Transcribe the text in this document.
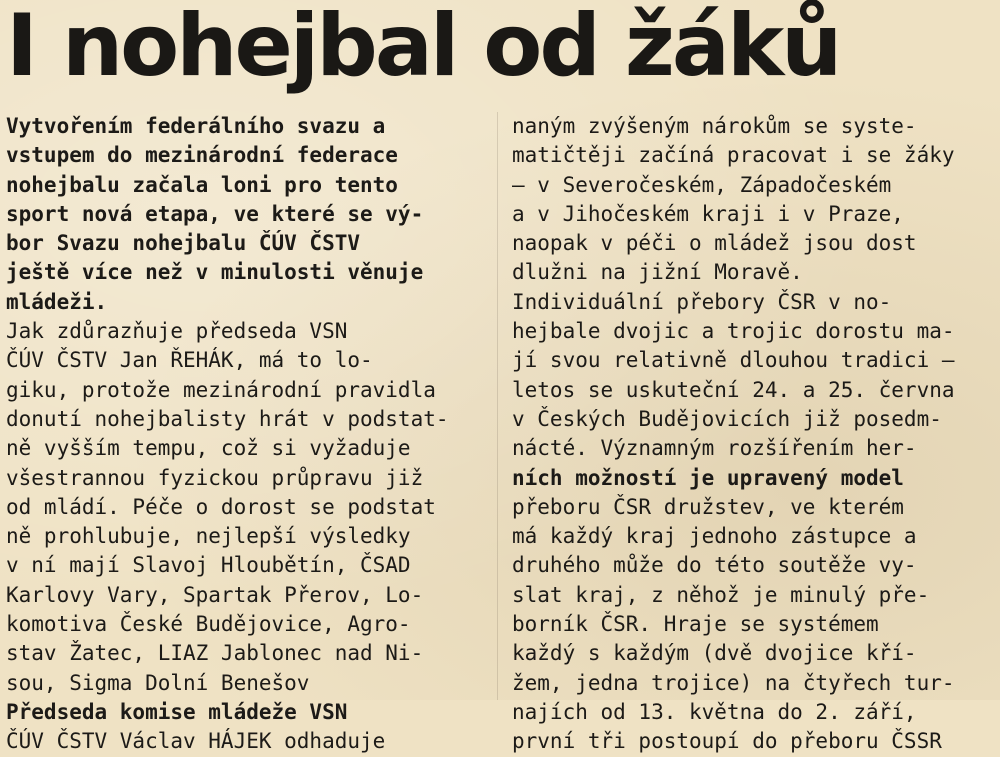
I nohejbal od žáků
Vytvořením federálního svazu a
vstupem do mezinárodní federace
nohejbalu začala loni pro tento
sport nová etapa, ve které se vý-
bor Svazu nohejbalu ČÚV ČSTV
ještě více než v minulosti věnuje
mládeži.
Jak zdůrazňuje předseda VSN
ČÚV ČSTV Jan ŘEHÁK, má to lo-
giku, protože mezinárodní pravidla
donutí nohejbalisty hrát v podstat-
ně vyšším tempu, což si vyžaduje
všestrannou fyzickou průpravu již
od mládí. Péče o dorost se podstat
ně prohlubuje, nejlepší výsledky
v ní mají Slavoj Hloubětín, ČSAD
Karlovy Vary, Spartak Přerov, Lo-
komotiva České Budějovice, Agro-
stav Žatec, LIAZ Jablonec nad Ni-
sou, Sigma Dolní Benešov
Předseda komise mládeže VSN
ČÚV ČSTV Václav HÁJEK odhaduje
naným zvýšeným nárokům se syste-
matičtěji začíná pracovat i se žáky
— v Severočeském, Západočeském
a v Jihočeském kraji i v Praze,
naopak v péči o mládež jsou dost
dlužni na jižní Moravě.
Individuální přebory ČSR v no-
hejbale dvojic a trojic dorostu ma-
jí svou relativně dlouhou tradici —
letos se uskuteční 24. a 25. června
v Českých Budějovicích již posedm-
nácté. Významným rozšířením her-
ních možností je upravený model
přeboru ČSR družstev, ve kterém
má každý kraj jednoho zástupce a
druhého může do této soutěže vy-
slat kraj, z něhož je minulý pře-
borník ČSR. Hraje se systémem
každý s každým (dvě dvojice kří-
žem, jedna trojice) na čtyřech tur-
najích od 13. května do 2. září,
první tři postoupí do přeboru ČSSR
